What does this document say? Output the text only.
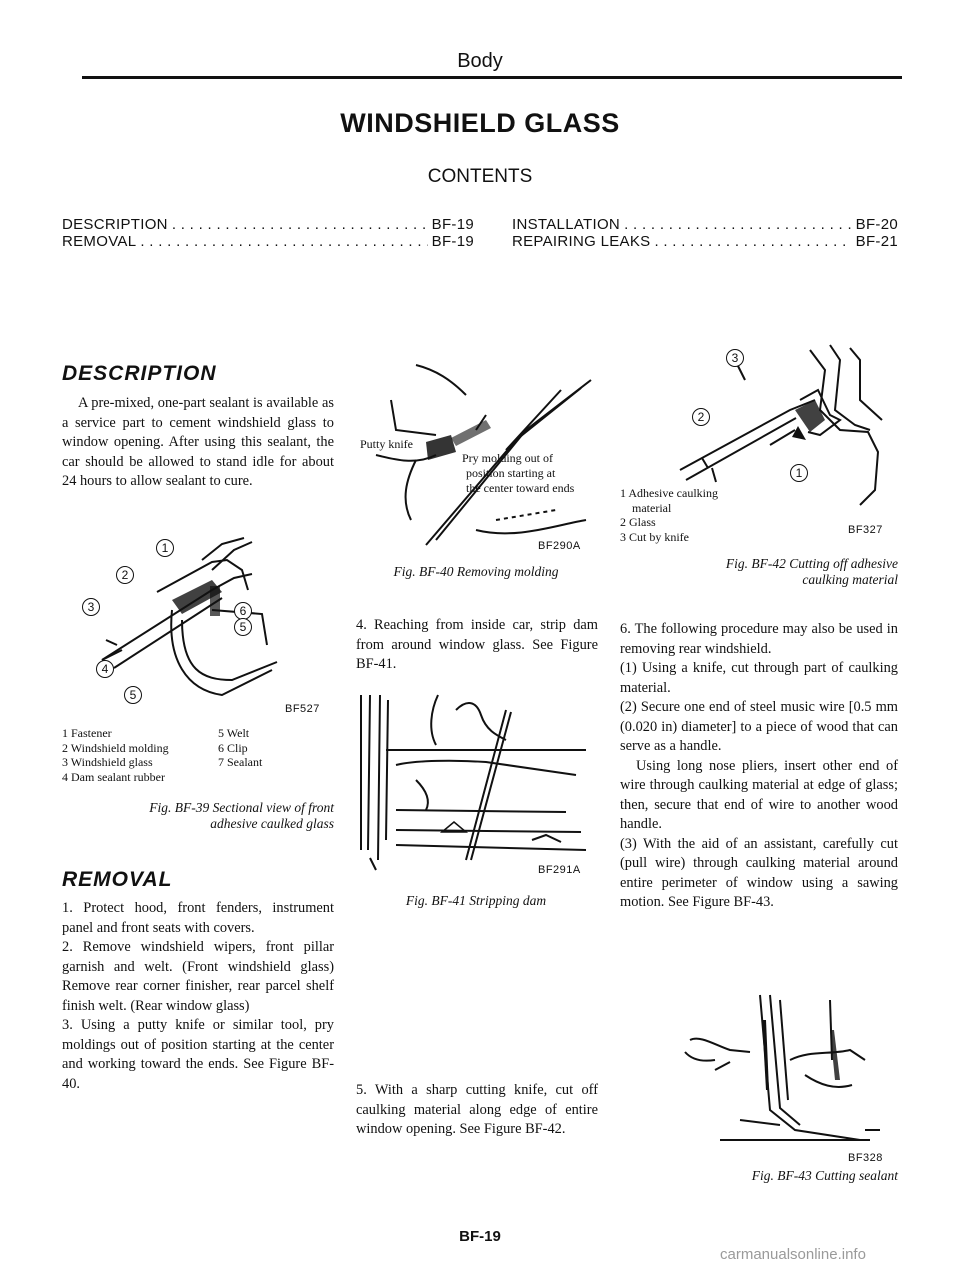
Body
WINDSHIELD GLASS
CONTENTS
DESCRIPTION . . .	BF-19
REMOVAL . . .	BF-19
INSTALLATION . . .	BF-20
REPAIRING LEAKS . . .	BF-21
DESCRIPTION

A pre-mixed, one-part sealant is available as a service part to cement windshield glass to window opening. After using this sealant, the car should be allowed to stand idle for about 24 hours to allow sealant to cure.

1
2
3
4
5
6
5
BF527
1 Fastener
2 Windshield molding
3 Windshield glass
4 Dam sealant rubber
5 Welt
6 Clip
7 Sealant
Fig. BF-39 Sectional view of front
adhesive caulked glass
REMOVAL

1. Protect hood, front fenders, instrument panel and front seats with covers.

2. Remove windshield wipers, front pillar garnish and welt. (Front windshield glass) Remove rear corner finisher, rear parcel shelf finish welt. (Rear window glass)

3. Using a putty knife or similar tool, pry moldings out of position starting at the center and working toward the ends. See Figure BF-40.

Putty knife
Pry molding out of
position starting at
the center toward ends
BF290A
Fig. BF-40 Removing molding

4. Reaching from inside car, strip dam from around window glass. See Figure BF-41.

BF291A
Fig. BF-41 Stripping dam

5. With a sharp cutting knife, cut off caulking material along edge of entire window opening. See Figure BF-42.

3
2
1
1 Adhesive caulking
material
2 Glass
3 Cut by knife	BF327
Fig. BF-42 Cutting off adhesive
caulking material

6. The following procedure may also be used in removing rear windshield.

(1) Using a knife, cut through part of caulking material.

(2) Secure one end of steel music wire [0.5 mm (0.020 in) diameter] to a piece of wood that can serve as a handle.

Using long nose pliers, insert other end of wire through caulking material at edge of glass; then, secure that end of wire to another wood handle.

(3) With the aid of an assistant, carefully cut (pull wire) through caulking material around entire perimeter of window using a sawing motion. See Figure BF-43.

BF328
Fig. BF-43 Cutting sealant
BF-19
carmanualsonline.info
